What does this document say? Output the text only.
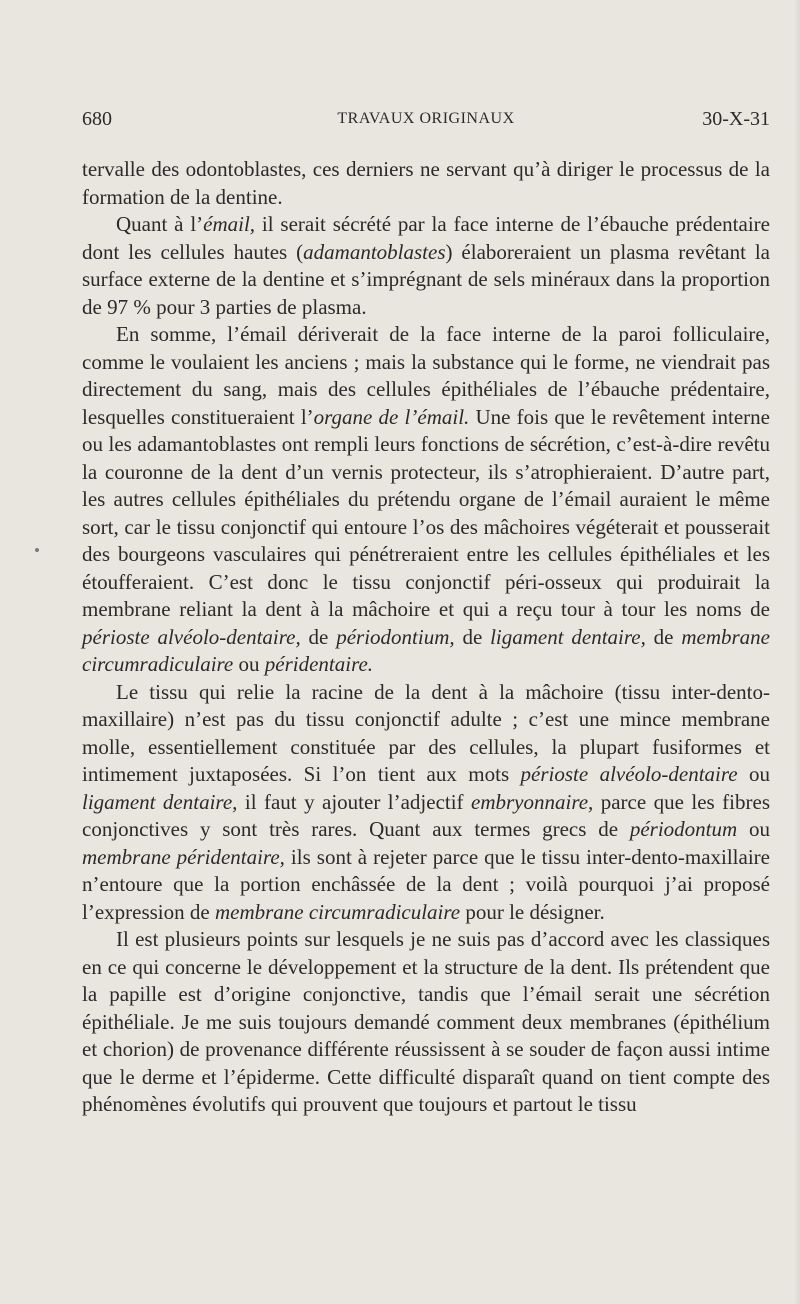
680	TRAVAUX ORIGINAUX	30-X-31

tervalle des odontoblastes, ces derniers ne servant qu’à diriger le processus de la formation de la dentine.

Quant à l’émail, il serait sécrété par la face interne de l’ébauche prédentaire dont les cellules hautes (adamantoblastes) élaboreraient un plasma revêtant la surface externe de la dentine et s’imprégnant de sels minéraux dans la proportion de 97 % pour 3 parties de plasma.

En somme, l’émail dériverait de la face interne de la paroi folliculaire, comme le voulaient les anciens ; mais la substance qui le forme, ne viendrait pas directement du sang, mais des cellules épithéliales de l’ébauche prédentaire, lesquelles constitueraient l’organe de l’émail. Une fois que le revêtement interne ou les adamantoblastes ont rempli leurs fonctions de sécrétion, c’est-à-dire revêtu la couronne de la dent d’un vernis protecteur, ils s’atrophieraient. D’autre part, les autres cellules épithéliales du prétendu organe de l’émail auraient le même sort, car le tissu conjonctif qui entoure l’os des mâchoires végéterait et pousserait des bourgeons vasculaires qui pénétreraient entre les cellules épithéliales et les étoufferaient. C’est donc le tissu conjonctif péri-osseux qui produirait la membrane reliant la dent à la mâchoire et qui a reçu tour à tour les noms de périoste alvéolo-dentaire, de périodontium, de ligament dentaire, de membrane circumradiculaire ou péridentaire.

Le tissu qui relie la racine de la dent à la mâchoire (tissu inter-dento-maxillaire) n’est pas du tissu conjonctif adulte ; c’est une mince membrane molle, essentiellement constituée par des cellules, la plupart fusiformes et intimement juxtaposées. Si l’on tient aux mots périoste alvéolo-dentaire ou ligament dentaire, il faut y ajouter l’adjectif embryonnaire, parce que les fibres conjonctives y sont très rares. Quant aux termes grecs de périodontum ou membrane péridentaire, ils sont à rejeter parce que le tissu inter-dento-maxillaire n’entoure que la portion enchâssée de la dent ; voilà pourquoi j’ai proposé l’expression de membrane circumradiculaire pour le désigner.

Il est plusieurs points sur lesquels je ne suis pas d’accord avec les classiques en ce qui concerne le développement et la structure de la dent. Ils prétendent que la papille est d’origine conjonctive, tandis que l’émail serait une sécrétion épithéliale. Je me suis toujours demandé comment deux membranes (épithélium et chorion) de provenance différente réussissent à se souder de façon aussi intime que le derme et l’épiderme. Cette difficulté disparaît quand on tient compte des phénomènes évolutifs qui prouvent que toujours et partout le tissu
